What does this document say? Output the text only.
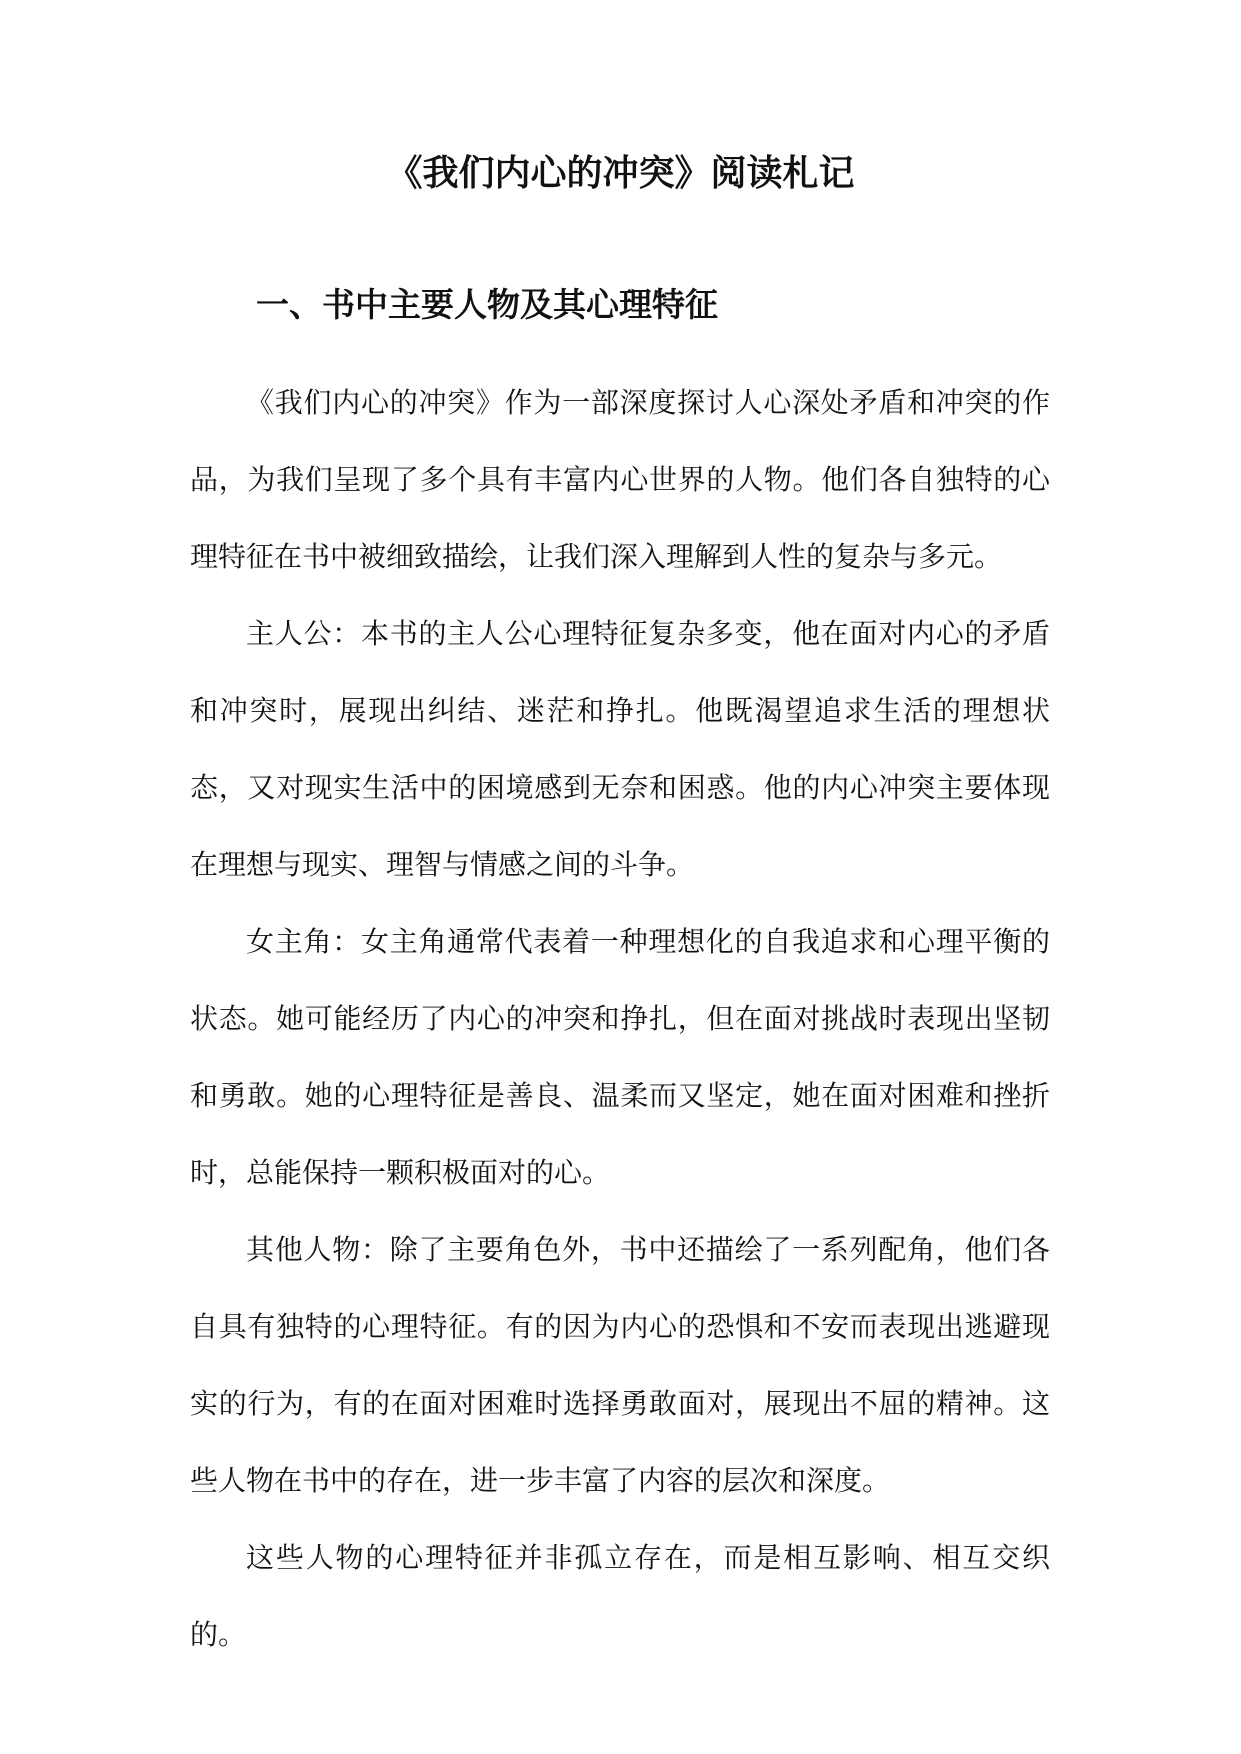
《我们内心的冲突》阅读札记
一、书中主要人物及其心理特征

《我们内心的冲突》作为一部深度探讨人心深处矛盾和冲突的作品，为我们呈现了多个具有丰富内心世界的人物。他们各自独特的心理特征在书中被细致描绘，让我们深入理解到人性的复杂与多元。

主人公：本书的主人公心理特征复杂多变，他在面对内心的矛盾和冲突时，展现出纠结、迷茫和挣扎。他既渴望追求生活的理想状态，又对现实生活中的困境感到无奈和困惑。他的内心冲突主要体现在理想与现实、理智与情感之间的斗争。

女主角：女主角通常代表着一种理想化的自我追求和心理平衡的状态。她可能经历了内心的冲突和挣扎，但在面对挑战时表现出坚韧和勇敢。她的心理特征是善良、温柔而又坚定，她在面对困难和挫折时，总能保持一颗积极面对的心。

其他人物：除了主要角色外，书中还描绘了一系列配角，他们各自具有独特的心理特征。有的因为内心的恐惧和不安而表现出逃避现实的行为，有的在面对困难时选择勇敢面对，展现出不屈的精神。这些人物在书中的存在，进一步丰富了内容的层次和深度。

这些人物的心理特征并非孤立存在，而是相互影响、相互交织的。
